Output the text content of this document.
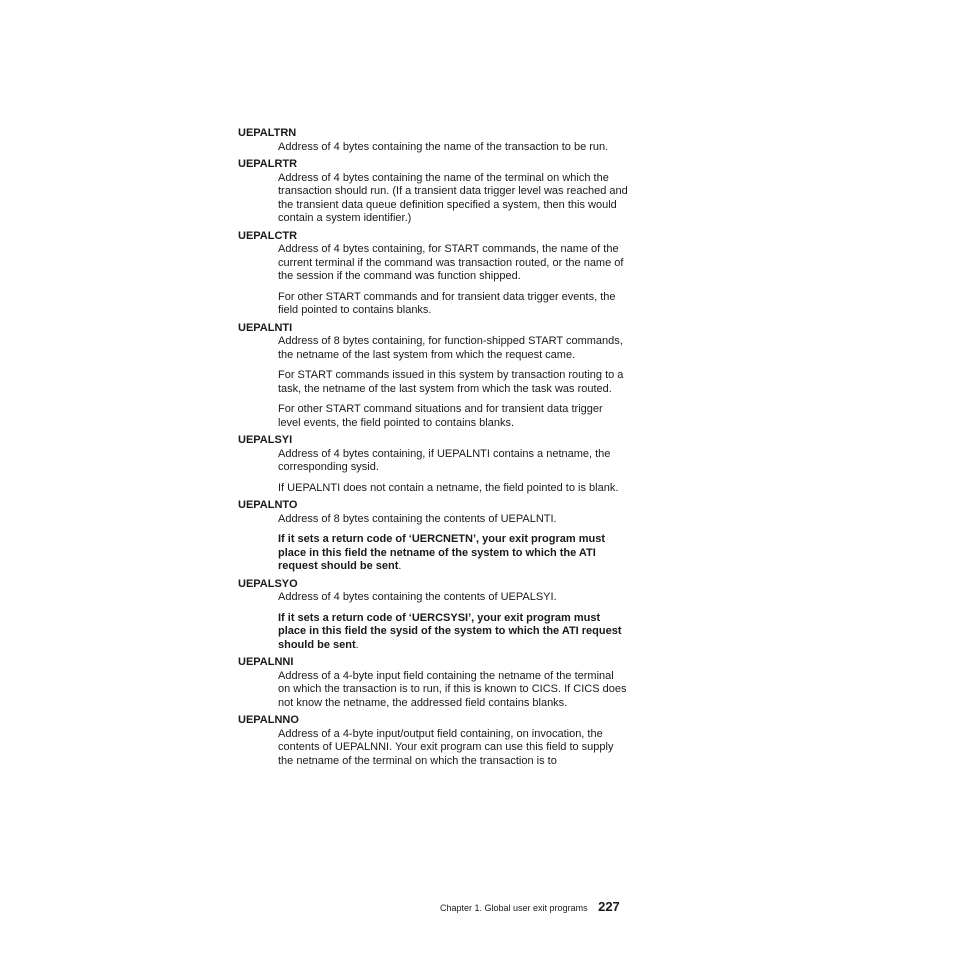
UEPALTRN

Address of 4 bytes containing the name of the transaction to be run.

UEPALRTR

Address of 4 bytes containing the name of the terminal on which the transaction should run. (If a transient data trigger level was reached and the transient data queue definition specified a system, then this would contain a system identifier.)

UEPALCTR

Address of 4 bytes containing, for START commands, the name of the current terminal if the command was transaction routed, or the name of the session if the command was function shipped.

For other START commands and for transient data trigger events, the field pointed to contains blanks.

UEPALNTI

Address of 8 bytes containing, for function-shipped START commands, the netname of the last system from which the request came.

For START commands issued in this system by transaction routing to a task, the netname of the last system from which the task was routed.

For other START command situations and for transient data trigger level events, the field pointed to contains blanks.

UEPALSYI

Address of 4 bytes containing, if UEPALNTI contains a netname, the corresponding sysid.

If UEPALNTI does not contain a netname, the field pointed to is blank.

UEPALNTO

Address of 8 bytes containing the contents of UEPALNTI.

If it sets a return code of ‘UERCNETN’, your exit program must place in this field the netname of the system to which the ATI request should be sent.

UEPALSYO

Address of 4 bytes containing the contents of UEPALSYI.

If it sets a return code of ‘UERCSYSI’, your exit program must place in this field the sysid of the system to which the ATI request should be sent.

UEPALNNI

Address of a 4-byte input field containing the netname of the terminal on which the transaction is to run, if this is known to CICS. If CICS does not know the netname, the addressed field contains blanks.

UEPALNNO

Address of a 4-byte input/output field containing, on invocation, the contents of UEPALNNI. Your exit program can use this field to supply the netname of the terminal on which the transaction is to

Chapter 1. Global user exit programs 227
